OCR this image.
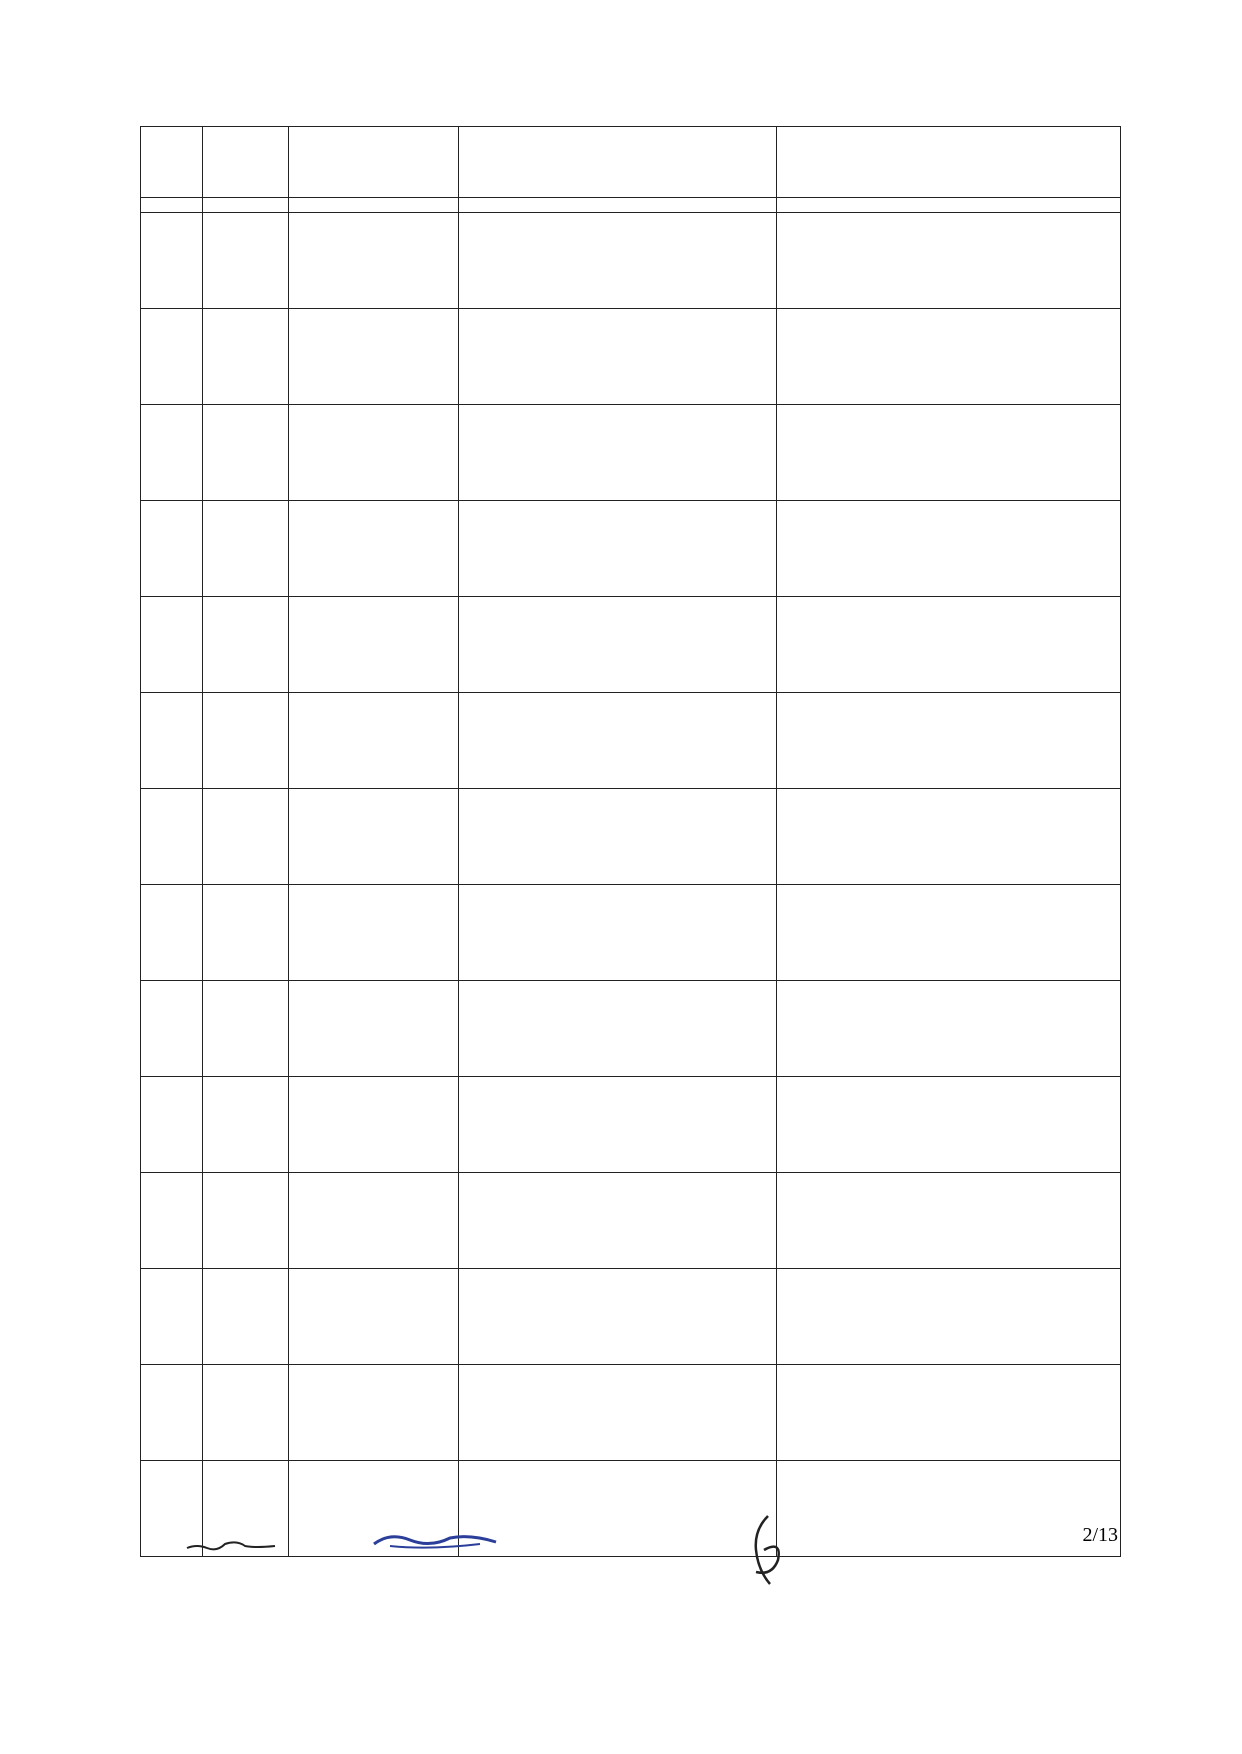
2/13
